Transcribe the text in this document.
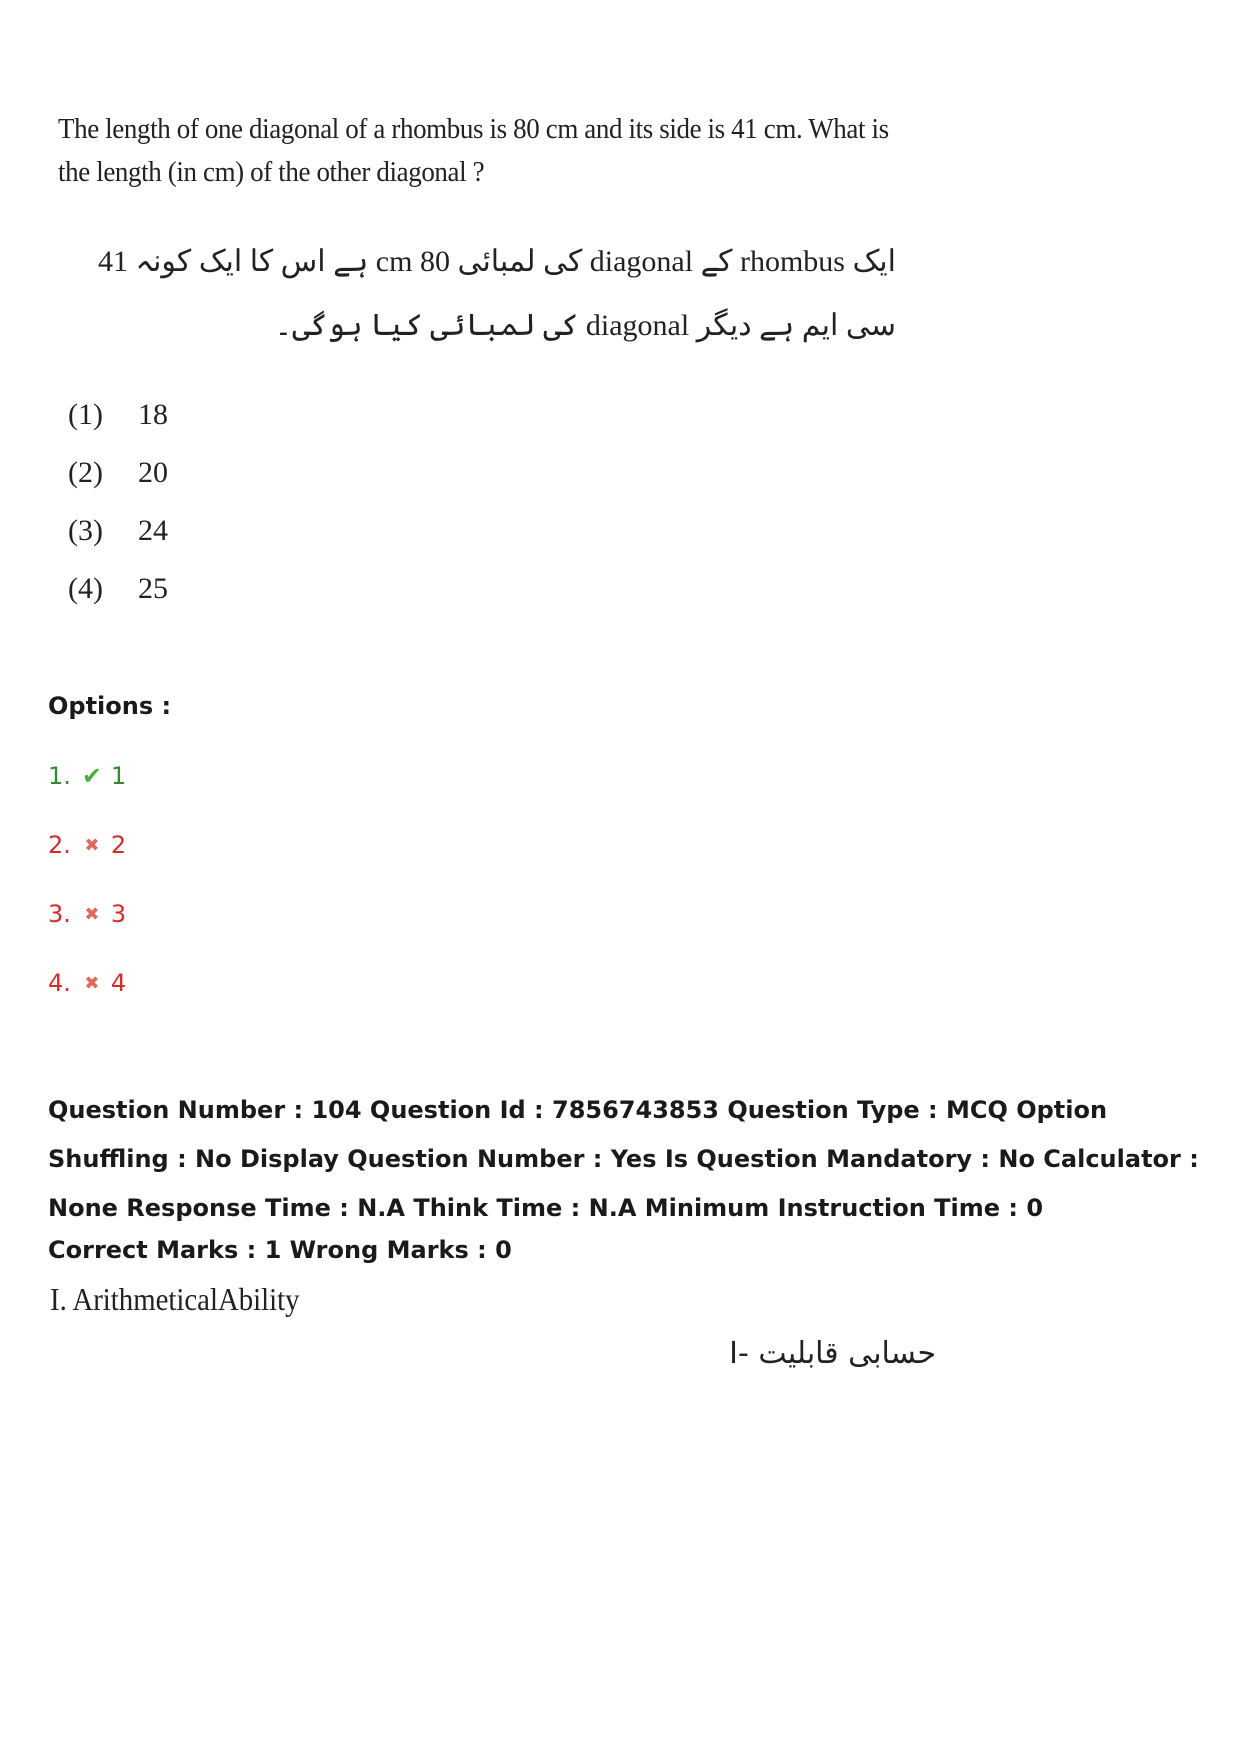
The length of one diagonal of a rhombus is 80 cm and its side is 41 cm. What is the length (in cm) of the other diagonal ?

ایک rhombus کے diagonal کی لمبائی 80 cm ہے اس کا ایک کونہ 41 سی ایم ہے دیگر diagonal کی لمبائی کیا ہوگی۔

(1)	18
(2)	20
(3)	24
(4)	25

Options :

1. ✔ 1
2. ✖ 2
3. ✖ 3
4. ✖ 4

Question Number : 104 Question Id : 7856743853 Question Type : MCQ Option Shuffling : No Display Question Number : Yes Is Question Mandatory : No Calculator : None Response Time : N.A Think Time : N.A Minimum Instruction Time : 0

Correct Marks : 1 Wrong Marks : 0

I. ArithmeticalAbility

I- حسابی قابلیت
